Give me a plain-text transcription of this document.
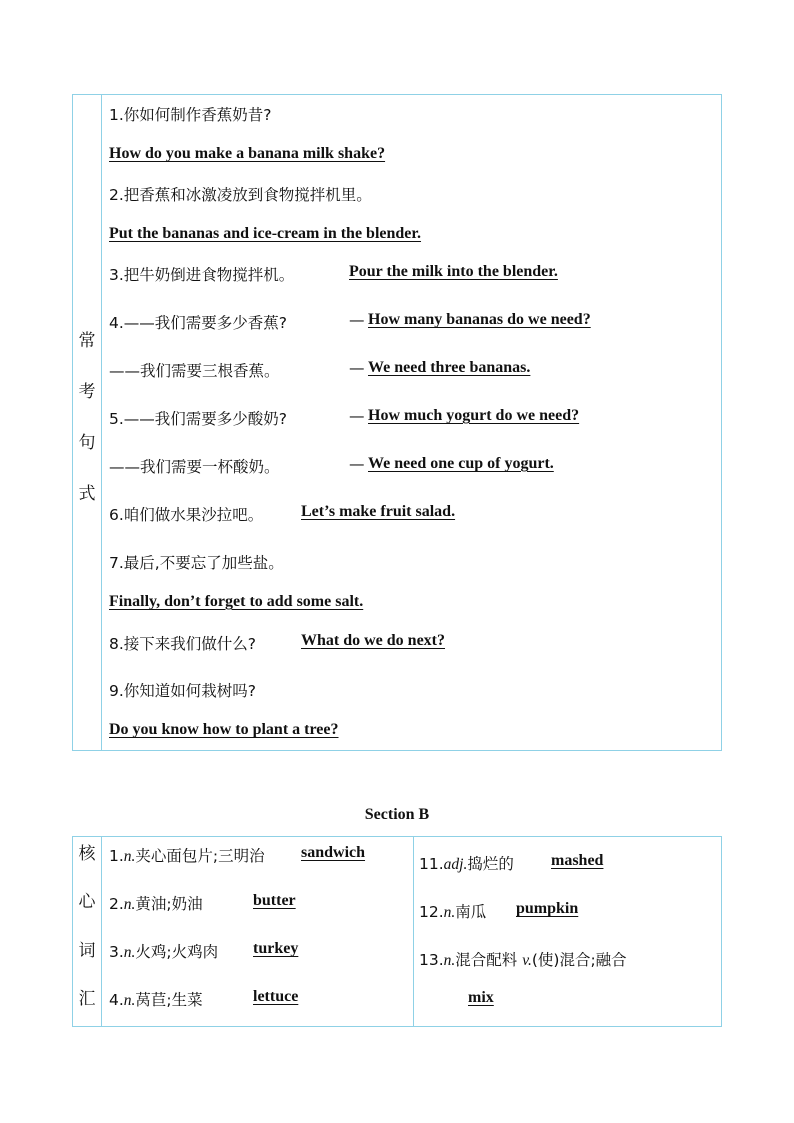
常
考
句
式
1.你如何制作香蕉奶昔?
How do you make a banana milk shake?
2.把香蕉和冰激凌放到食物搅拌机里。
Put the bananas and ice-cream in the blender.
3.把牛奶倒进食物搅拌机。	Pour the milk into the blender.
4.——我们需要多少香蕉?	— How many bananas do we need?
——我们需要三根香蕉。	— We need three bananas.
5.——我们需要多少酸奶?	— How much yogurt do we need?
——我们需要一杯酸奶。	— We need one cup of yogurt.
6.咱们做水果沙拉吧。 Let’s make fruit salad.
7.最后,不要忘了加些盐。
Finally, don’t forget to add some salt.
8.接下来我们做什么?	What do we do next?
9.你知道如何栽树吗?
Do you know how to plant a tree?
Section B
核
心
词
汇
1.n.夹心面包片;三明治 sandwich
2.n.黄油;奶油	butter
3.n.火鸡;火鸡肉 turkey
4.n.莴苣;生菜	lettuce
11.adj.捣烂的 mashed
12.n.南瓜 pumpkin
13.n.混合配料 v.(使)混合;融合
mix
